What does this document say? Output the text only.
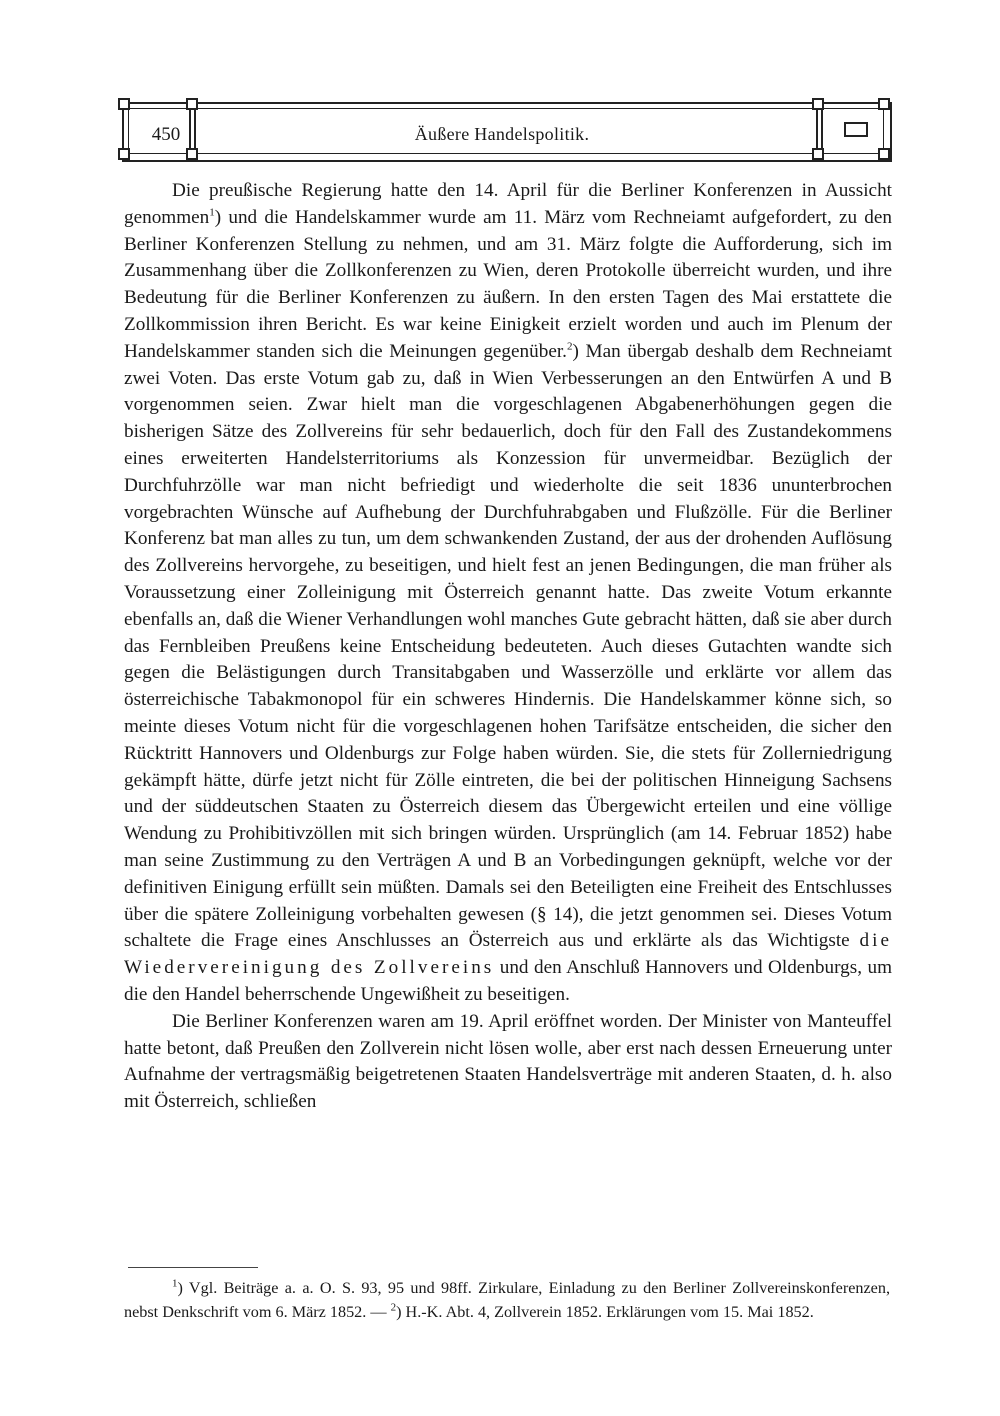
450	Äußere Handelspolitik.

Die preußische Regierung hatte den 14. April für die Berliner Konferenzen in Aussicht genommen$^1$) und die Handelskammer wurde am 11. März vom Rechneiamt aufgefordert, zu den Berliner Konferenzen Stellung zu nehmen, und am 31. März folgte die Aufforderung, sich im Zusammenhang über die Zollkonferenzen zu Wien, deren Protokolle überreicht wurden, und ihre Bedeutung für die Berliner Konferenzen zu äußern. In den ersten Tagen des Mai erstattete die Zollkommission ihren Bericht. Es war keine Einigkeit erzielt worden und auch im Plenum der Handelskammer standen sich die Meinungen gegenüber.$^2$) Man übergab deshalb dem Rechneiamt zwei Voten. Das erste Votum gab zu, daß in Wien Verbesserungen an den Entwürfen A und B vorgenommen seien. Zwar hielt man die vorgeschlagenen Abgabenerhöhungen gegen die bisherigen Sätze des Zollvereins für sehr bedauerlich, doch für den Fall des Zustandekommens eines erweiterten Handelsterritoriums als Konzession für unvermeidbar. Bezüglich der Durchfuhrzölle war man nicht befriedigt und wiederholte die seit 1836 ununterbrochen vorgebrachten Wünsche auf Aufhebung der Durchfuhrabgaben und Flußzölle. Für die Berliner Konferenz bat man alles zu tun, um dem schwankenden Zustand, der aus der drohenden Auflösung des Zollvereins hervorgehe, zu beseitigen, und hielt fest an jenen Bedingungen, die man früher als Voraussetzung einer Zolleinigung mit Österreich genannt hatte. Das zweite Votum erkannte ebenfalls an, daß die Wiener Verhandlungen wohl manches Gute gebracht hätten, daß sie aber durch das Fernbleiben Preußens keine Entscheidung bedeuteten. Auch dieses Gutachten wandte sich gegen die Belästigungen durch Transitabgaben und Wasserzölle und erklärte vor allem das österreichische Tabakmonopol für ein schweres Hindernis. Die Handelskammer könne sich, so meinte dieses Votum nicht für die vorgeschlagenen hohen Tarifsätze entscheiden, die sicher den Rücktritt Hannovers und Oldenburgs zur Folge haben würden. Sie, die stets für Zollerniedrigung gekämpft hätte, dürfe jetzt nicht für Zölle eintreten, die bei der politischen Hinneigung Sachsens und der süddeutschen Staaten zu Österreich diesem das Übergewicht erteilen und eine völlige Wendung zu Prohibitivzöllen mit sich bringen würden. Ursprünglich (am 14. Februar 1852) habe man seine Zustimmung zu den Verträgen A und B an Vorbedingungen geknüpft, welche vor der definitiven Einigung erfüllt sein müßten. Damals sei den Beteiligten eine Freiheit des Entschlusses über die spätere Zolleinigung vorbehalten gewesen (§ 14), die jetzt genommen sei. Dieses Votum schaltete die Frage eines Anschlusses an Österreich aus und erklärte als das Wichtigste die Wiedervereinigung des Zollvereins und den Anschluß Hannovers und Oldenburgs, um die den Handel beherrschende Ungewißheit zu beseitigen.

Die Berliner Konferenzen waren am 19. April eröffnet worden. Der Minister von Manteuffel hatte betont, daß Preußen den Zollverein nicht lösen wolle, aber erst nach dessen Erneuerung unter Aufnahme der vertragsmäßig beigetretenen Staaten Handelsverträge mit anderen Staaten, d. h. also mit Österreich, schließen

$^1$) Vgl. Beiträge a. a. O. S. 93, 95 und 98ff. Zirkulare, Einladung zu den Berliner Zollvereinskonferenzen, nebst Denkschrift vom 6. März 1852. — $^2$) H.-K. Abt. 4, Zollverein 1852. Erklärungen vom 15. Mai 1852.
